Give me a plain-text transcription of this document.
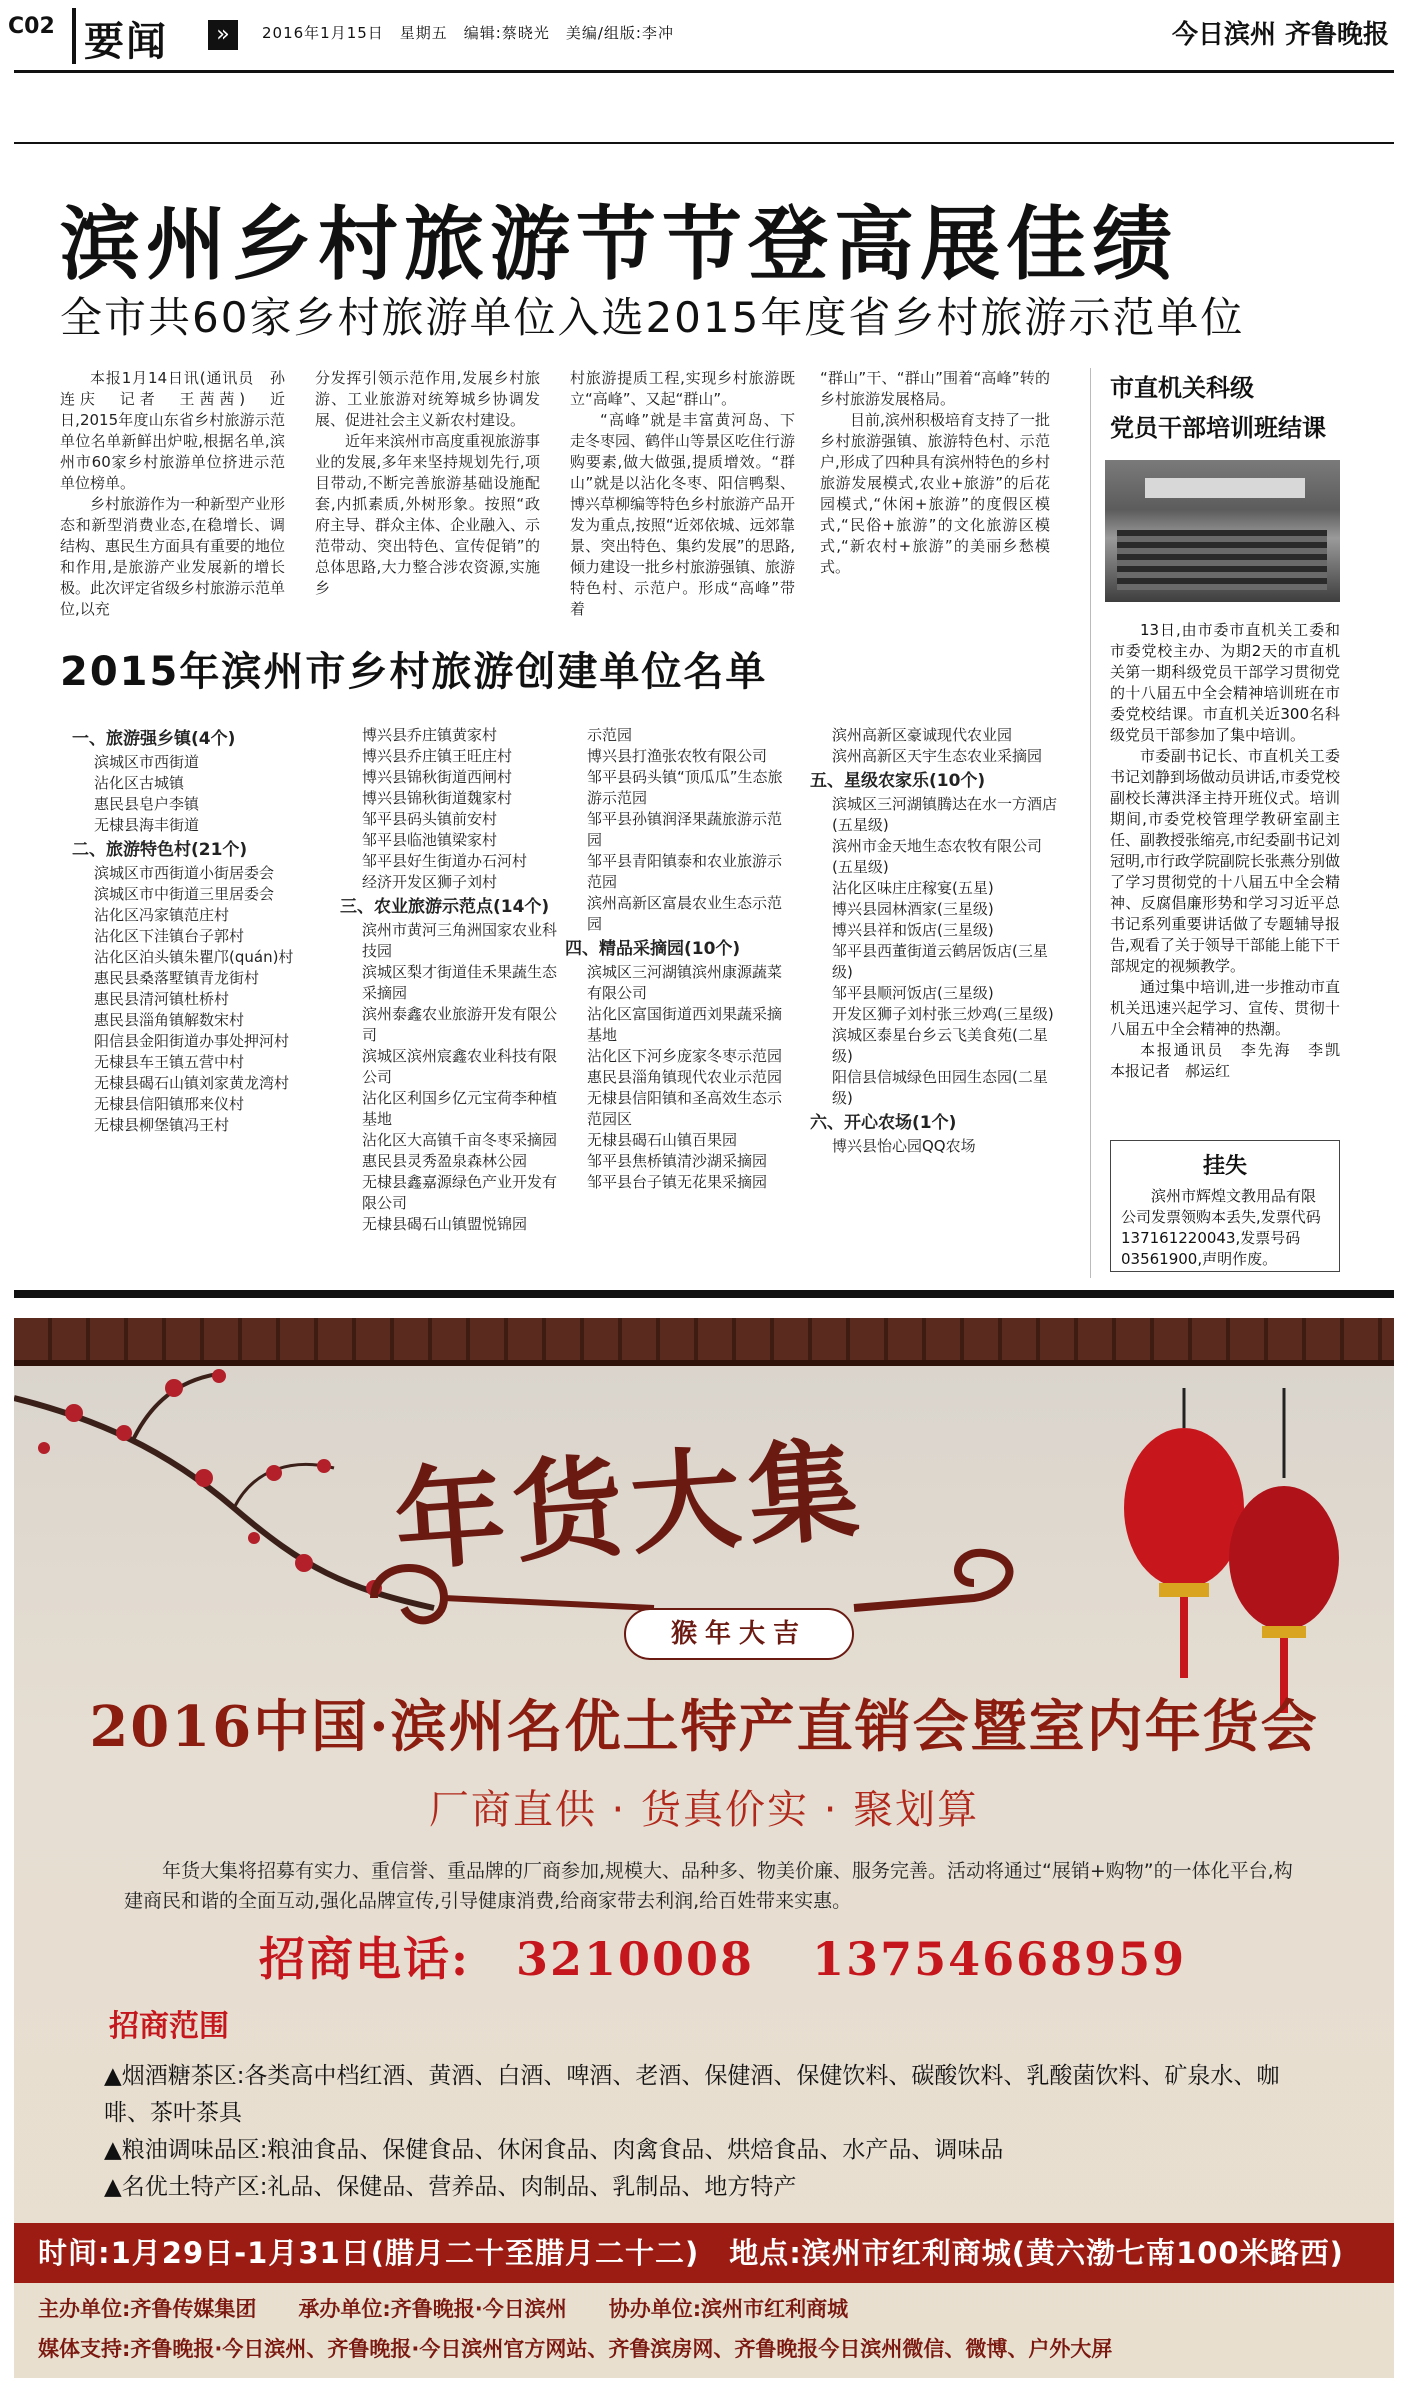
C02 要闻	»	2016年1月15日　星期五　编辑:蔡晓光　美编/组版:李冲	今日滨州 齐鲁晚报
滨州乡村旅游节节登高展佳绩
全市共60家乡村旅游单位入选2015年度省乡村旅游示范单位

本报1月14日讯(通讯员　孙连庆　记者　王茜茜)　近日,2015年度山东省乡村旅游示范单位名单新鲜出炉啦,根据名单,滨州市60家乡村旅游单位挤进示范单位榜单。

乡村旅游作为一种新型产业形态和新型消费业态,在稳增长、调结构、惠民生方面具有重要的地位和作用,是旅游产业发展新的增长极。此次评定省级乡村旅游示范单位,以充

分发挥引领示范作用,发展乡村旅游、工业旅游对统筹城乡协调发展、促进社会主义新农村建设。

近年来滨州市高度重视旅游事业的发展,多年来坚持规划先行,项目带动,不断完善旅游基础设施配套,内抓素质,外树形象。按照“政府主导、群众主体、企业融入、示范带动、突出特色、宣传促销”的总体思路,大力整合涉农资源,实施乡

村旅游提质工程,实现乡村旅游既立“高峰”、又起“群山”。

“高峰”就是丰富黄河岛、下走冬枣园、鹤伴山等景区吃住行游购要素,做大做强,提质增效。“群山”就是以沾化冬枣、阳信鸭梨、博兴草柳编等特色乡村旅游产品开发为重点,按照“近郊依城、远郊靠景、突出特色、集约发展”的思路,倾力建设一批乡村旅游强镇、旅游特色村、示范户。形成“高峰”带着

“群山”干、“群山”围着“高峰”转的乡村旅游发展格局。

目前,滨州积极培育支持了一批乡村旅游强镇、旅游特色村、示范户,形成了四种具有滨州特色的乡村旅游发展模式,农业+旅游”的后花园模式,“休闲+旅游”的度假区模式,“民俗+旅游”的文化旅游区模式,“新农村+旅游”的美丽乡愁模式。

市直机关科级
党员干部培训班结课

13日,由市委市直机关工委和市委党校主办、为期2天的市直机关第一期科级党员干部学习贯彻党的十八届五中全会精神培训班在市委党校结课。市直机关近300名科级党员干部参加了集中培训。

市委副书记长、市直机关工委书记刘静到场做动员讲话,市委党校副校长薄洪泽主持开班仪式。培训期间,市委党校管理学教研室副主任、副教授张缩亮,市纪委副书记刘冠明,市行政学院副院长张燕分别做了学习贯彻党的十八届五中全会精神、反腐倡廉形势和学习习近平总书记系列重要讲话做了专题辅导报告,观看了关于领导干部能上能下干部规定的视频教学。

通过集中培训,进一步推动市直机关迅速兴起学习、宣传、贯彻十八届五中全会精神的热潮。

本报通讯员　李先海　李凯　本报记者　郝运红

挂失
滨州市辉煌文教用品有限公司发票领购本丢失,发票代码137161220043,发票号码03561900,声明作废。
2015年滨州市乡村旅游创建单位名单
一、旅游强乡镇(4个)
滨城区市西街道
沾化区古城镇
惠民县皂户李镇
无棣县海丰街道
二、旅游特色村(21个)
滨城区市西街道小街居委会
滨城区市中街道三里居委会
沾化区冯家镇范庄村
沾化区下洼镇台子郭村
沾化区泊头镇朱瞿邝(quán)村
惠民县桑落墅镇青龙街村
惠民县清河镇杜桥村
惠民县淄角镇解数宋村
阳信县金阳街道办事处押河村
无棣县车王镇五营中村
无棣县碣石山镇刘家黄龙湾村
无棣县信阳镇邢来仪村
无棣县柳堡镇冯王村
博兴县乔庄镇黄家村
博兴县乔庄镇王旺庄村
博兴县锦秋街道西闸村
博兴县锦秋街道魏家村
邹平县码头镇前安村
邹平县临池镇梁家村
邹平县好生街道办石河村
经济开发区狮子刘村
三、农业旅游示范点(14个)
滨州市黄河三角洲国家农业科技园
滨城区梨才街道佳禾果蔬生态采摘园
滨州泰鑫农业旅游开发有限公司
滨城区滨州宸鑫农业科技有限公司
沾化区利国乡亿元宝荷李种植基地
沾化区大高镇千亩冬枣采摘园
惠民县灵秀盈泉森林公园
无棣县鑫嘉源绿色产业开发有限公司
无棣县碣石山镇盟悦锦园
示范园
博兴县打渔张农牧有限公司
邹平县码头镇“顶瓜瓜”生态旅游示范园
邹平县孙镇润泽果蔬旅游示范园
邹平县青阳镇泰和农业旅游示范园
滨州高新区富晨农业生态示范园
四、精品采摘园(10个)
滨城区三河湖镇滨州康源蔬菜有限公司
沾化区富国街道西刘果蔬采摘基地
沾化区下河乡庞家冬枣示范园
惠民县淄角镇现代农业示范园
无棣县信阳镇和圣高效生态示范园区
无棣县碣石山镇百果园
邹平县焦桥镇清沙湖采摘园
邹平县台子镇无花果采摘园
滨州高新区豪诚现代农业园
滨州高新区天宇生态农业采摘园
五、星级农家乐(10个)
滨城区三河湖镇腾达在水一方酒店(五星级)
滨州市金天地生态农牧有限公司(五星级)
沾化区味庄庄稼宴(五星)
博兴县园林酒家(三星级)
博兴县祥和饭店(三星级)
邹平县西董街道云鹤居饭店(三星级)
邹平县顺河饭店(三星级)
开发区狮子刘村张三炒鸡(三星级)
滨城区泰星台乡云飞美食苑(二星级)
阳信县信城绿色田园生态园(二星级)
六、开心农场(1个)
博兴县怡心园QQ农场
年货大集
猴年大吉
2016中国·滨州名优土特产直销会暨室内年货会
厂商直供 · 货真价实 · 聚划算
年货大集将招募有实力、重信誉、重品牌的厂商参加,规模大、品种多、物美价廉、服务完善。活动将通过“展销+购物”的一体化平台,构建商民和谐的全面互动,强化品牌宣传,引导健康消费,给商家带去利润,给百姓带来实惠。
招商电话: 3210008 13754668959
招商范围
▲烟酒糖茶区:各类高中档红酒、黄酒、白酒、啤酒、老酒、保健酒、保健饮料、碳酸饮料、乳酸菌饮料、矿泉水、咖啡、茶叶茶具
▲粮油调味品区:粮油食品、保健食品、休闲食品、肉禽食品、烘焙食品、水产品、调味品
▲名优土特产区:礼品、保健品、营养品、肉制品、乳制品、地方特产
时间:1月29日-1月31日(腊月二十至腊月二十二)　地点:滨州市红利商城(黄六渤七南100米路西)
主办单位:齐鲁传媒集团　　承办单位:齐鲁晚报·今日滨州　　协办单位:滨州市红利商城
媒体支持:齐鲁晚报·今日滨州、齐鲁晚报·今日滨州官方网站、齐鲁滨房网、齐鲁晚报今日滨州微信、微博、户外大屏
